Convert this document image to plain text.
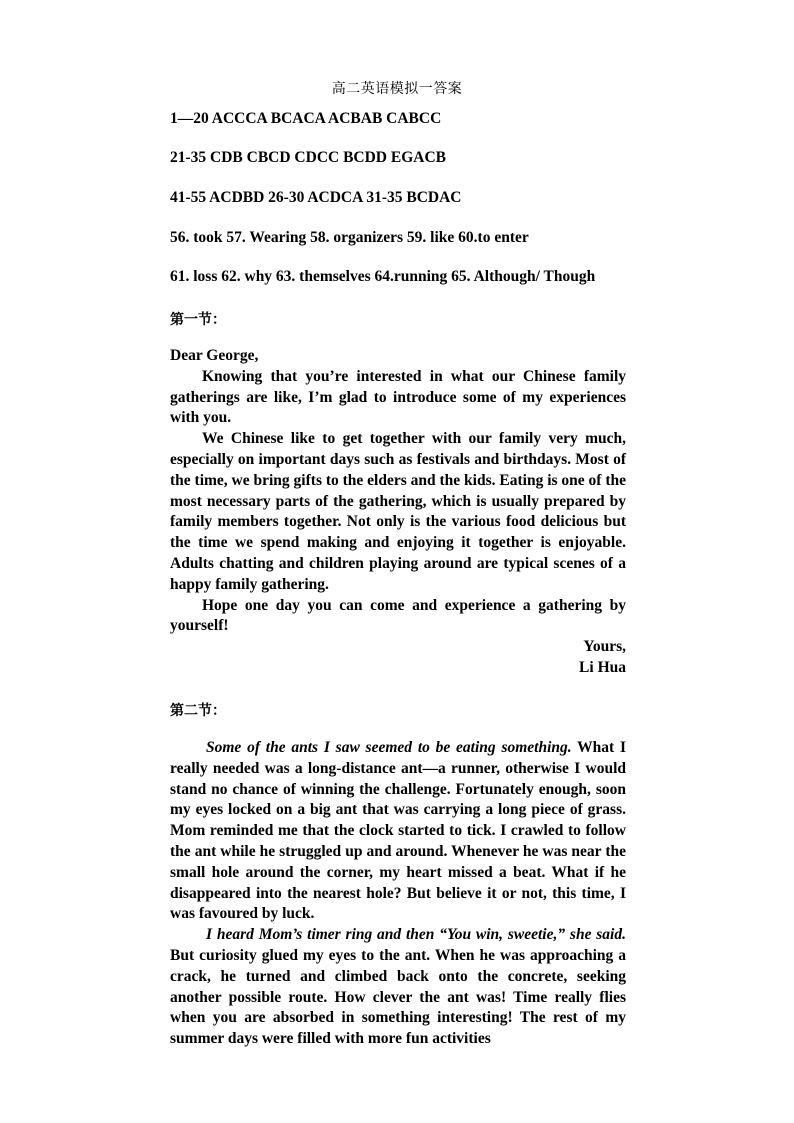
高二英语模拟一答案
1—20 ACCCA BCACA ACBAB CABCC
21-35 CDB CBCD CDCC BCDD EGACB
41-55 ACDBD 26-30 ACDCA 31-35 BCDAC
56. took 57. Wearing 58. organizers 59. like 60.to enter
61. loss 62. why 63. themselves 64.running 65. Although/ Though
第一节：

Dear George,

Knowing that you’re interested in what our Chinese family gatherings are like, I’m glad to introduce some of my experiences with you.

We Chinese like to get together with our family very much, especially on important days such as festivals and birthdays. Most of the time, we bring gifts to the elders and the kids. Eating is one of the most necessary parts of the gathering, which is usually prepared by family members together. Not only is the various food delicious but the time we spend making and enjoying it together is enjoyable. Adults chatting and children playing around are typical scenes of a happy family gathering.

Hope one day you can come and experience a gathering by yourself!

Yours,

Li Hua

第二节：

Some of the ants I saw seemed to be eating something. What I really needed was a long-distance ant—a runner, otherwise I would stand no chance of winning the challenge. Fortunately enough, soon my eyes locked on a big ant that was carrying a long piece of grass. Mom reminded me that the clock started to tick. I crawled to follow the ant while he struggled up and around. Whenever he was near the small hole around the corner, my heart missed a beat. What if he disappeared into the nearest hole? But believe it or not, this time, I was favoured by luck.

I heard Mom’s timer ring and then “You win, sweetie,” she said. But curiosity glued my eyes to the ant. When he was approaching a crack, he turned and climbed back onto the concrete, seeking another possible route. How clever the ant was! Time really flies when you are absorbed in something interesting! The rest of my summer days were filled with more fun activities
